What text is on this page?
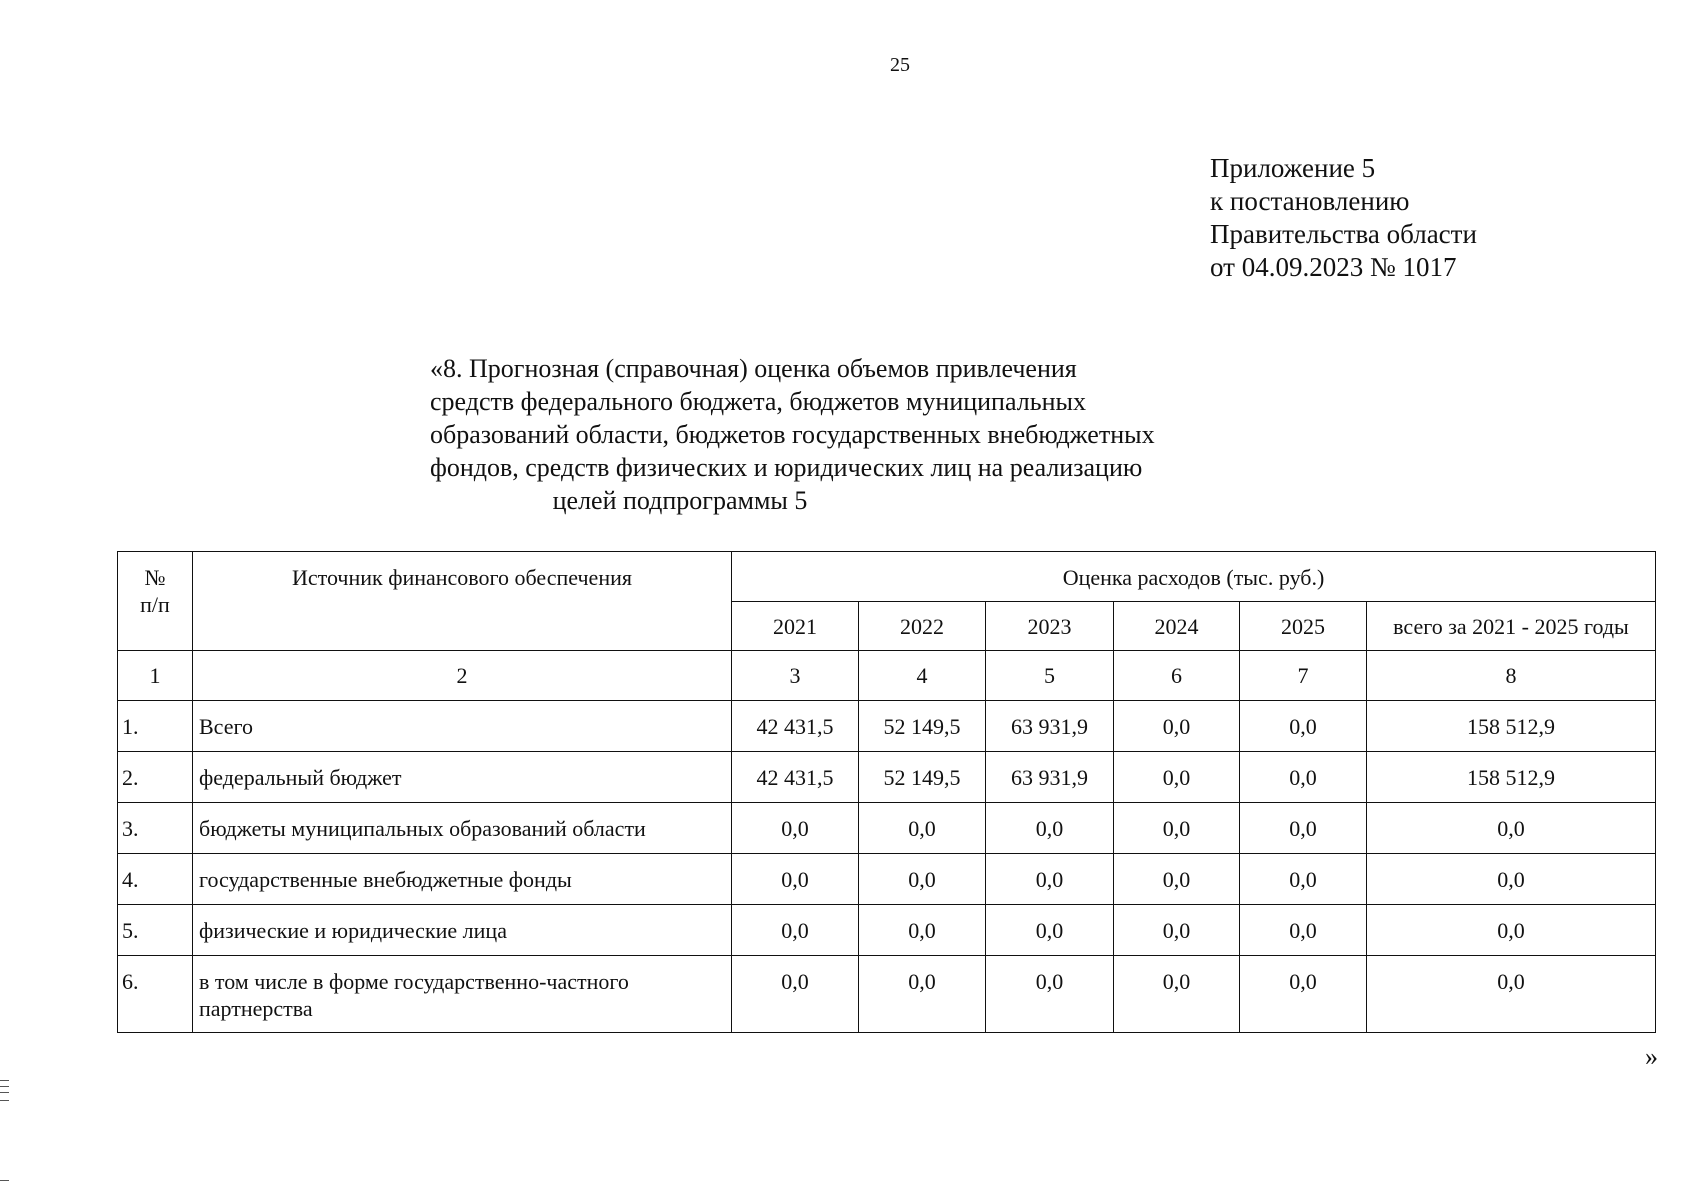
25
Приложение 5
к постановлению
Правительства области
от 04.09.2023 № 1017
«8. Прогнозная (справочная) оценка объемов привлечения
средств федерального бюджета, бюджетов муниципальных
образований области, бюджетов государственных внебюджетных
фондов, средств физических и юридических лиц на реализацию
целей подпрограммы 5
№
п/п	Источник финансового обеспечения	Оценка расходов (тыс. руб.)					
		2021	2022	2023	2024	2025	всего за 2021 - 2025 годы
1	2	3	4	5	6	7	8
1.	Всего	42 431,5	52 149,5	63 931,9	0,0	0,0	158 512,9
2.	федеральный бюджет	42 431,5	52 149,5	63 931,9	0,0	0,0	158 512,9
3.	бюджеты муниципальных образований области	0,0	0,0	0,0	0,0	0,0	0,0
4.	государственные внебюджетные фонды	0,0	0,0	0,0	0,0	0,0	0,0
5.	физические и юридические лица	0,0	0,0	0,0	0,0	0,0	0,0
6.	в том числе в форме государственно-частного
партнерства	0,0	0,0	0,0	0,0	0,0	0,0
»
